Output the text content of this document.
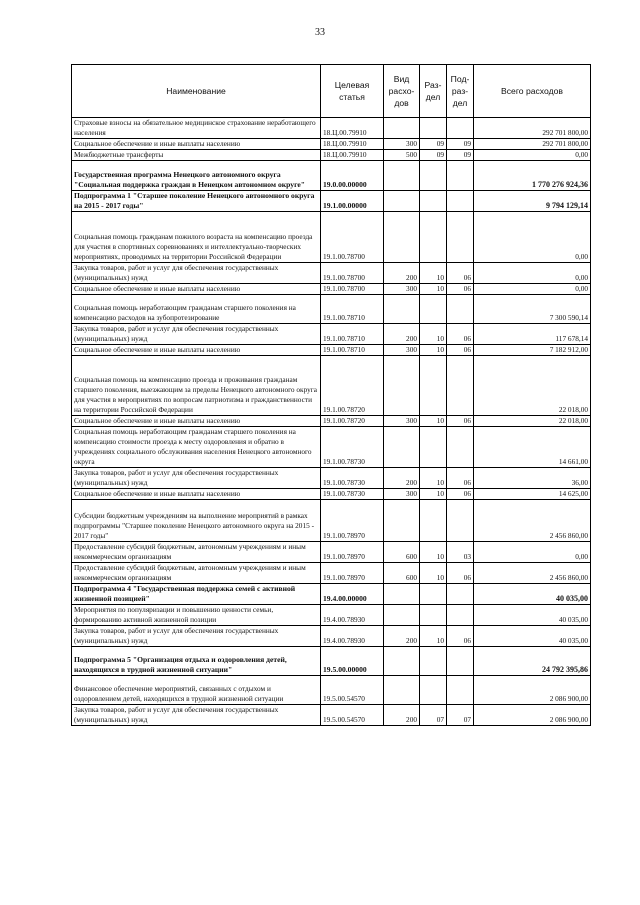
33
Наименование	Целевая статья	Вид расхо- дов	Раз- дел	Под- раз- дел	Всего расходов
Страховые взносы на обязательное медицинское страхование неработающего населения	18.Ц.00.79910				292 701 800,00
Социальное обеспечение и иные выплаты населению	18.Ц.00.79910	300	09	09	292 701 800,00
Межбюджетные трансферты	18.Ц.00.79910	500	09	09	0,00
Государственная программа Ненецкого автономного округа "Социальная поддержка граждан в Ненецком автономном округе"	19.0.00.00000				1 770 276 924,36
Подпрограмма 1 "Старшее поколение Ненецкого автономного округа на 2015 - 2017 годы"	19.1.00.00000				9 794 129,14
Социальная помощь гражданам пожилого возраста на компенсацию проезда для участия в спортивных соревнованиях и интеллектуально-творческих мероприятиях, проводимых на территории Российской Федерации	19.1.00.78700				0,00
Закупка товаров, работ и услуг для обеспечения государственных (муниципальных) нужд	19.1.00.78700	200	10	06	0,00
Социальное обеспечение и иные выплаты населению	19.1.00.78700	300	10	06	0,00
Социальная помощь неработающим гражданам старшего поколения на компенсацию расходов на зубопротезирование	19.1.00.78710				7 300 590,14
Закупка товаров, работ и услуг для обеспечения государственных (муниципальных) нужд	19.1.00.78710	200	10	06	117 678,14
Социальное обеспечение и иные выплаты населению	19.1.00.78710	300	10	06	7 182 912,00
Социальная помощь на компенсацию проезда и проживания гражданам старшего поколения, выезжающим за пределы Ненецкого автономного округа для участия в мероприятиях по вопросам патриотизма и гражданственности на территории Российской Федерации	19.1.00.78720				22 018,00
Социальное обеспечение и иные выплаты населению	19.1.00.78720	300	10	06	22 018,00
Социальная помощь неработающим гражданам старшего поколения на компенсацию стоимости проезда к месту оздоровления и обратно в учреждениях социального обслуживания населения Ненецкого автономного округа	19.1.00.78730				14 661,00
Закупка товаров, работ и услуг для обеспечения государственных (муниципальных) нужд	19.1.00.78730	200	10	06	36,00
Социальное обеспечение и иные выплаты населению	19.1.00.78730	300	10	06	14 625,00
Субсидии бюджетным учреждениям на выполнение мероприятий в рамках подпрограммы "Старшее поколение Ненецкого автономного округа на 2015 - 2017 годы"	19.1.00.78970				2 456 860,00
Предоставление субсидий бюджетным, автономным учреждениям и иным некоммерческим организациям	19.1.00.78970	600	10	03	0,00
Предоставление субсидий бюджетным, автономным учреждениям и иным некоммерческим организациям	19.1.00.78970	600	10	06	2 456 860,00
Подпрограмма 4 "Государственная поддержка семей с активной жизненной позицией"	19.4.00.00000				40 035,00
Мероприятия по популяризации и повышению ценности семьи, формированию активной жизненной позиции	19.4.00.78930				40 035,00
Закупка товаров, работ и услуг для обеспечения государственных (муниципальных) нужд	19.4.00.78930	200	10	06	40 035,00
Подпрограмма 5 "Организация отдыха и оздоровления детей, находящихся в трудной жизненной ситуации"	19.5.00.00000				24 792 395,86
Финансовое обеспечение мероприятий, связанных с отдыхом и оздоровлением детей, находящихся в трудной жизненной ситуации	19.5.00.54570				2 086 900,00
Закупка товаров, работ и услуг для обеспечения государственных (муниципальных) нужд	19.5.00.54570	200	07	07	2 086 900,00
